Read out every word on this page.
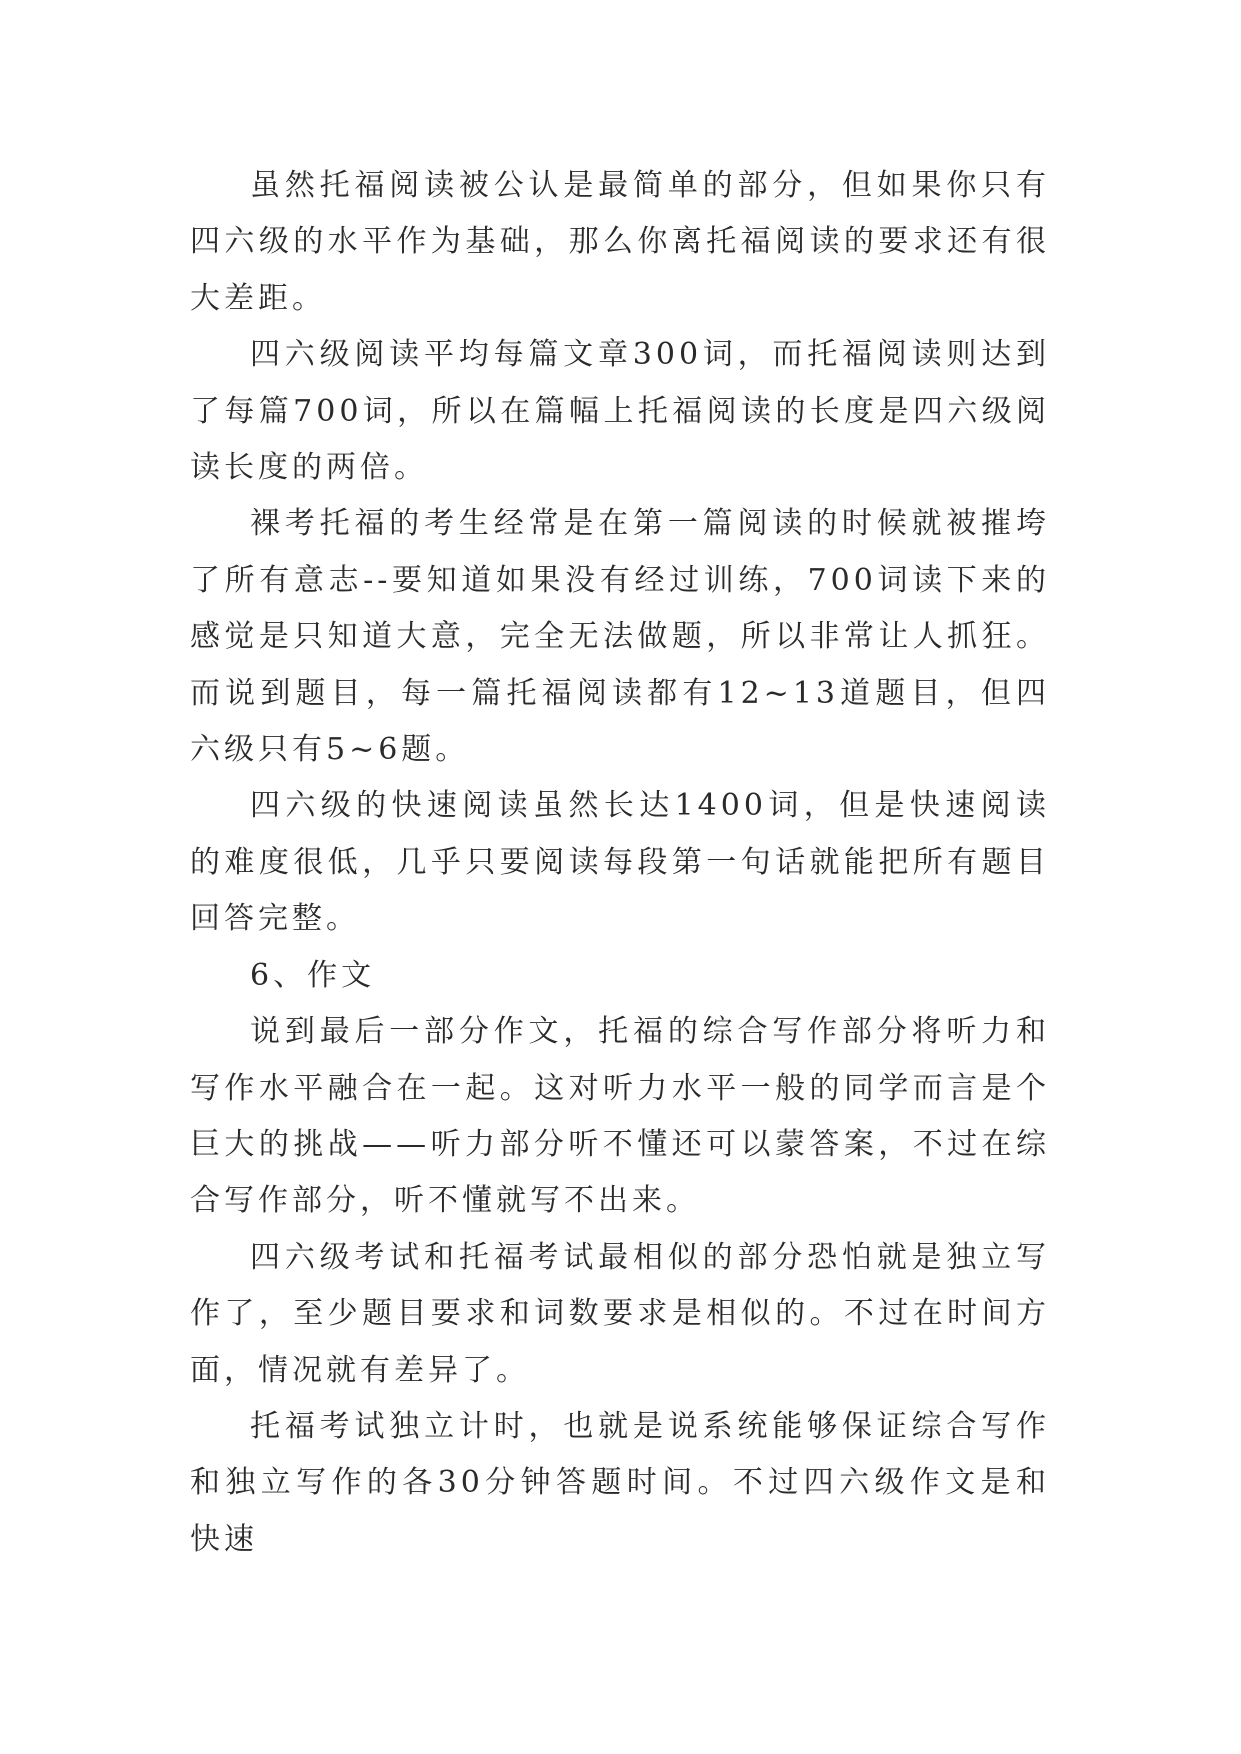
虽然托福阅读被公认是最简单的部分，但如果你只有四六级的水平作为基础，那么你离托福阅读的要求还有很大差距。

四六级阅读平均每篇文章300词，而托福阅读则达到了每篇700词，所以在篇幅上托福阅读的长度是四六级阅读长度的两倍。

裸考托福的考生经常是在第一篇阅读的时候就被摧垮了所有意志--要知道如果没有经过训练，700词读下来的感觉是只知道大意，完全无法做题，所以非常让人抓狂。而说到题目，每一篇托福阅读都有12~13道题目，但四六级只有5~6题。

四六级的快速阅读虽然长达1400词，但是快速阅读的难度很低，几乎只要阅读每段第一句话就能把所有题目回答完整。

6、作文

说到最后一部分作文，托福的综合写作部分将听力和写作水平融合在一起。这对听力水平一般的同学而言是个巨大的挑战——听力部分听不懂还可以蒙答案，不过在综合写作部分，听不懂就写不出来。

四六级考试和托福考试最相似的部分恐怕就是独立写作了，至少题目要求和词数要求是相似的。不过在时间方面，情况就有差异了。

托福考试独立计时，也就是说系统能够保证综合写作和独立写作的各30分钟答题时间。不过四六级作文是和快速
